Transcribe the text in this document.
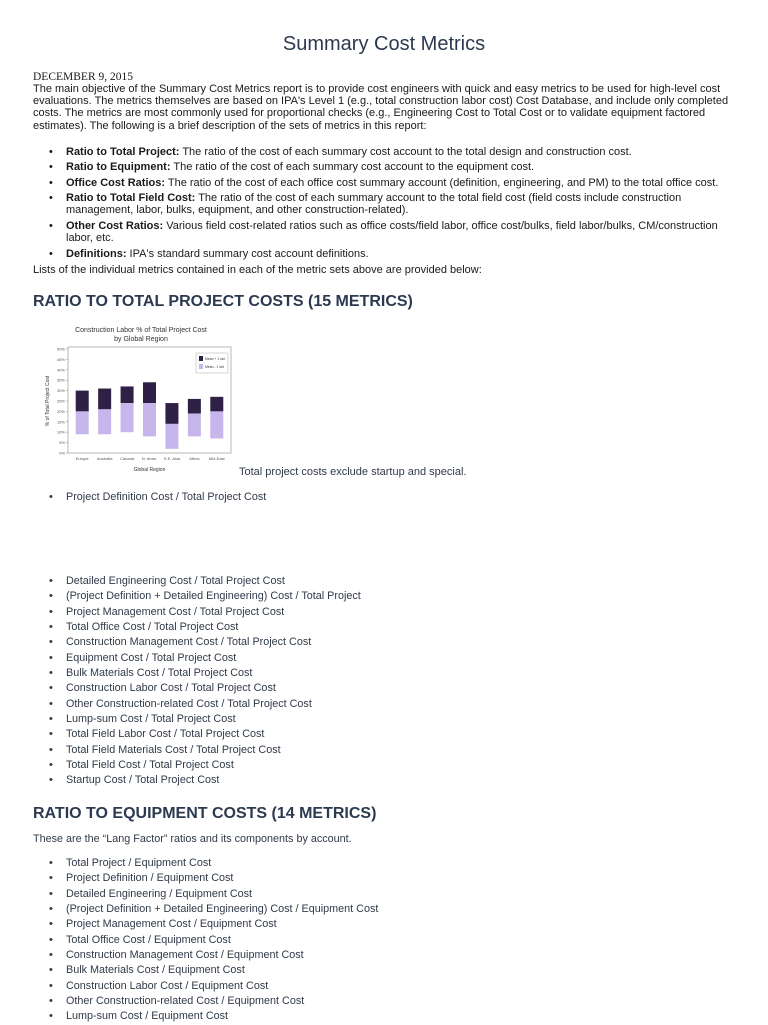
Summary Cost Metrics

DECEMBER 9, 2015

The main objective of the Summary Cost Metrics report is to provide cost engineers with quick and easy metrics to be used for high-level cost evaluations. The metrics themselves are based on IPA's Level 1 (e.g., total construction labor cost) Cost Database, and include only completed costs. The metrics are most commonly used for proportional checks (e.g., Engineering Cost to Total Cost or to validate equipment factored estimates). The following is a brief description of the sets of metrics in this report:

• Ratio to Total Project: The ratio of the cost of each summary cost account to the total design and construction cost.
• Ratio to Equipment: The ratio of the cost of each summary cost account to the equipment cost.
• Office Cost Ratios: The ratio of the cost of each office cost summary account (definition, engineering, and PM) to the total office cost.
• Ratio to Total Field Cost: The ratio of the cost of each summary account to the total field cost (field costs include construction management, labor, bulks, equipment, and other construction-related).
• Other Cost Ratios: Various field cost-related ratios such as office costs/field labor, office cost/bulks, field labor/bulks, CM/construction labor, etc.
• Definitions: IPA's standard summary cost account definitions.

Lists of the individual metrics contained in each of the metric sets above are provided below:

RATIO TO TOTAL PROJECT COSTS (15 METRICS)
Construction Labor % of Total Project Cost
by Global Region
0%
5%
10%
15%
20%
25%
30%
35%
40%
45%
50%
% of Total Project Cost
Europe Australia Canada N. Amer. S.E. Asia Africa Mid-East
Global Region
Mean + 1 std
Mean - 1 std

Total project costs exclude startup and special.

• Project Definition Cost / Total Project Cost
• Detailed Engineering Cost / Total Project Cost
• (Project Definition + Detailed Engineering) Cost / Total Project
• Project Management Cost / Total Project Cost
• Total Office Cost / Total Project Cost
• Construction Management Cost / Total Project Cost
• Equipment Cost / Total Project Cost
• Bulk Materials Cost / Total Project Cost
• Construction Labor Cost / Total Project Cost
• Other Construction-related Cost / Total Project Cost
• Lump-sum Cost / Total Project Cost
• Total Field Labor Cost / Total Project Cost
• Total Field Materials Cost / Total Project Cost
• Total Field Cost / Total Project Cost
• Startup Cost / Total Project Cost
RATIO TO EQUIPMENT COSTS (14 METRICS)

These are the “Lang Factor” ratios and its components by account.

• Total Project / Equipment Cost
• Project Definition / Equipment Cost
• Detailed Engineering / Equipment Cost
• (Project Definition + Detailed Engineering) Cost / Equipment Cost
• Project Management Cost / Equipment Cost
• Total Office Cost / Equipment Cost
• Construction Management Cost / Equipment Cost
• Bulk Materials Cost / Equipment Cost
• Construction Labor Cost / Equipment Cost
• Other Construction-related Cost / Equipment Cost
• Lump-sum Cost / Equipment Cost
